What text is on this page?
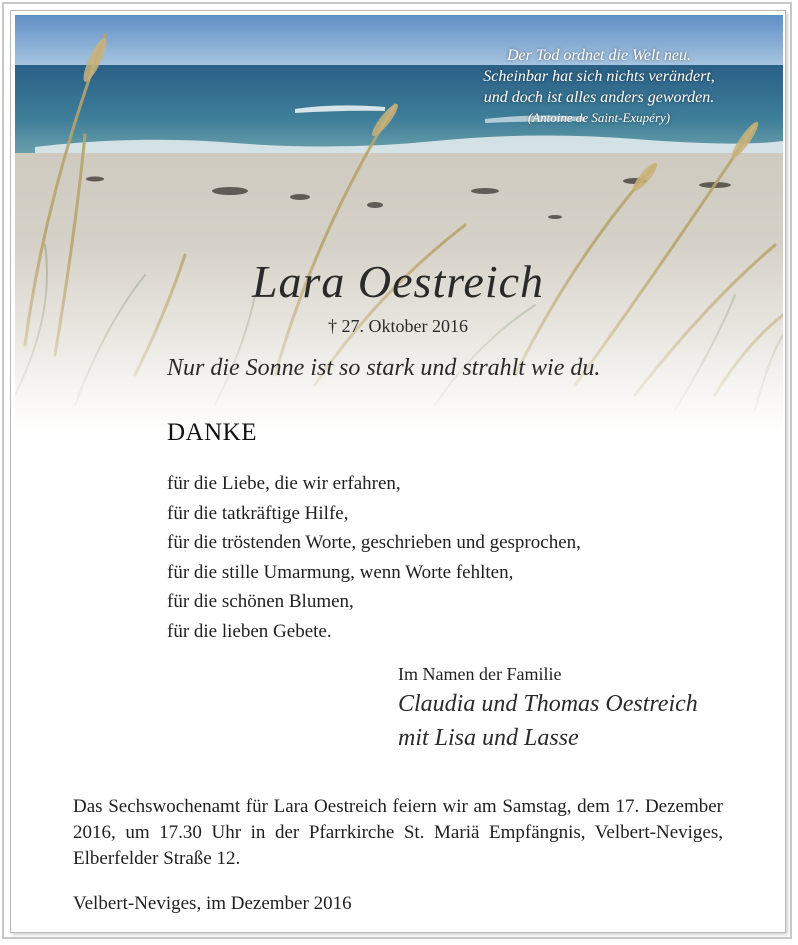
Der Tod ordnet die Welt neu.
Scheinbar hat sich nichts verändert,
und doch ist alles anders geworden.
(Antoine de Saint-Exupéry)
Lara Oestreich
† 27. Oktober 2016
Nur die Sonne ist so stark und strahlt wie du.
DANKE
für die Liebe, die wir erfahren,
für die tatkräftige Hilfe,
für die tröstenden Worte, geschrieben und gesprochen,
für die stille Umarmung, wenn Worte fehlten,
für die schönen Blumen,
für die lieben Gebete.
Im Namen der Familie
Claudia und Thomas Oestreich
mit Lisa und Lasse

Das Sechswochenamt für Lara Oestreich feiern wir am Samstag, dem 17. Dezember 2016, um 17.30 Uhr in der Pfarrkirche St. Mariä Empfängnis, Velbert-Neviges, Elberfelder Straße 12.

Velbert-Neviges, im Dezember 2016
